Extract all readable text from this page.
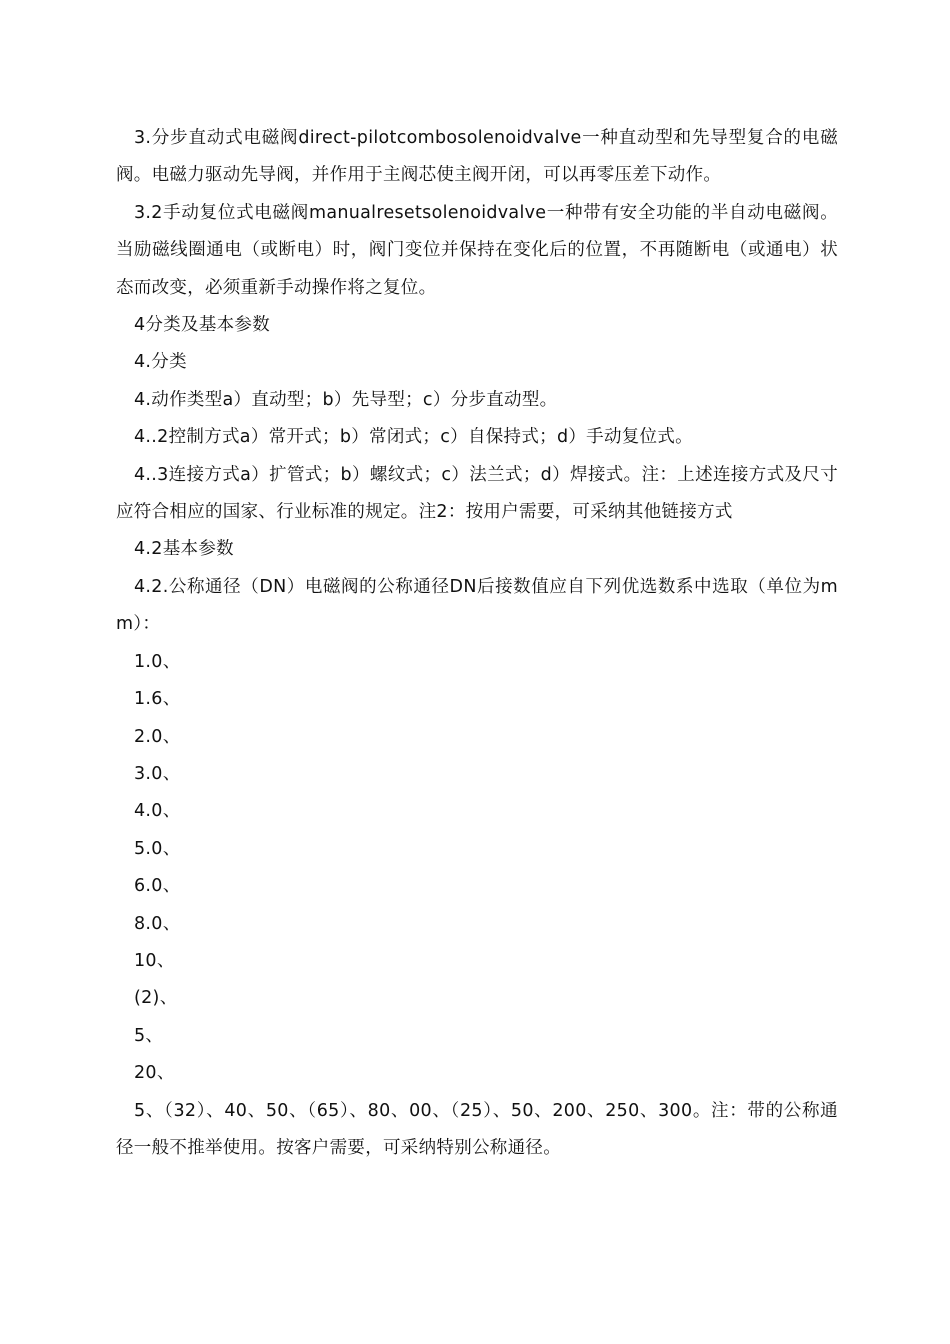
3.分步直动式电磁阀direct-pilotcombosolenoidvalve一种直动型和先导型复合的电磁阀。电磁力驱动先导阀，并作用于主阀芯使主阀开闭，可以再零压差下动作。

3.2手动复位式电磁阀manualresetsolenoidvalve一种带有安全功能的半自动电磁阀。当励磁线圈通电（或断电）时，阀门变位并保持在变化后的位置，不再随断电（或通电）状态而改变，必须重新手动操作将之复位。

4分类及基本参数

4.分类

4.动作类型a）直动型；b）先导型；c）分步直动型。

4..2控制方式a）常开式；b）常闭式；c）自保持式；d）手动复位式。

4..3连接方式a）扩管式；b）螺纹式；c）法兰式；d）焊接式。注：上述连接方式及尺寸应符合相应的国家、行业标准的规定。注2：按用户需要，可采纳其他链接方式

4.2基本参数

4.2.公称通径（DN）电磁阀的公称通径DN后接数值应自下列优选数系中选取（单位为mm）：

1.0、

1.6、

2.0、

3.0、

4.0、

5.0、

6.0、

8.0、

10、

(2)、

5、

20、

5、（32）、40、50、（65）、80、00、（25）、50、200、250、300。注：带的公称通径一般不推举使用。按客户需要，可采纳特别公称通径。
